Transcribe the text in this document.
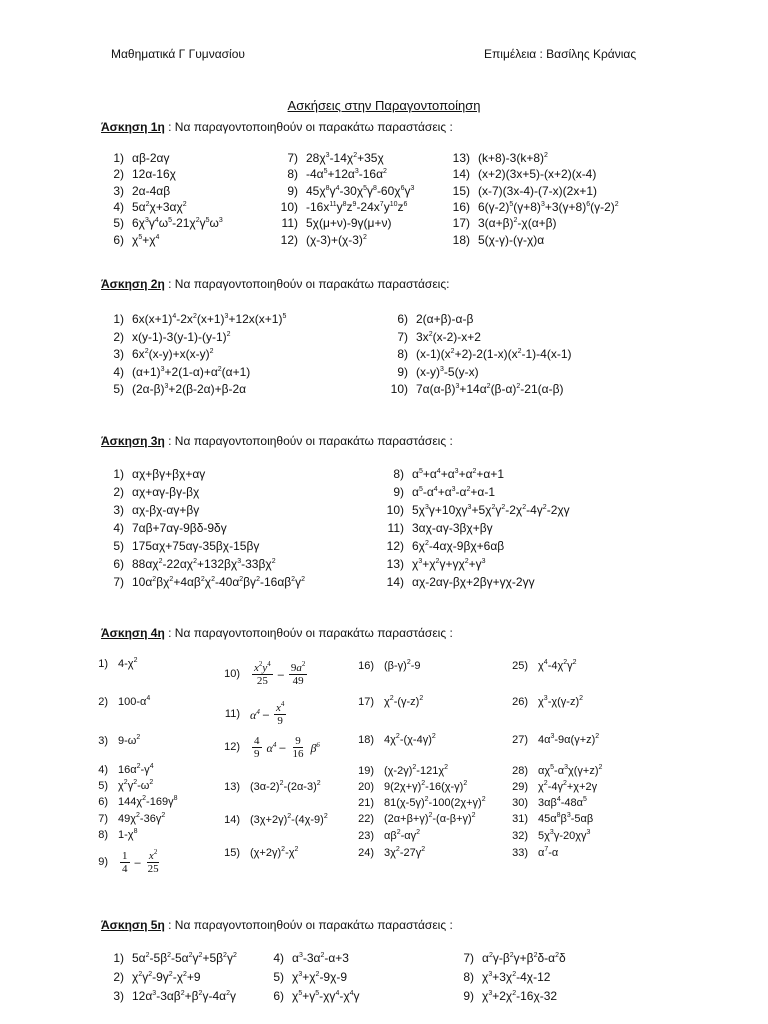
Μαθηματικά Γ Γυμνασίου	Επιμέλεια : Βασίλης Κράνιας
Ασκήσεις στην Παραγοντοποίηση
Άσκηση 1η : Να παραγοντοποιηθούν οι παρακάτω παραστάσεις :
Άσκηση 2η : Να παραγοντοποιηθούν οι παρακάτω παραστάσεις:
Άσκηση 3η : Να παραγοντοποιηθούν οι παρακάτω παραστάσεις :
Άσκηση 4η : Να παραγοντοποιηθούν οι παρακάτω παραστάσεις :
Άσκηση 5η : Να παραγοντοποιηθούν οι παρακάτω παραστάσεις :
1) αβ-2αγ
2) 12α-16χ
3) 2α-4αβ
4) $5\alpha^2\chi+3\alpha\chi^2$
5) $6\chi^3\gamma^4\omega^5-21\chi^2\gamma^5\omega^3$
6) $\chi^5+\chi^4$
7) $28\chi^3-14\chi^2+35\chi$
8) $-4\alpha^5+12\alpha^3-16\alpha^2$
9) $45\chi^8\gamma^4-30\chi^5\gamma^8-60\chi^6\gamma^3$
10) $-16x^{11}y^8z^9-24x^7y^{10}z^6$
11) 5χ(μ+ν)-9γ(μ+ν)
12) $(\chi-3)+(\chi-3)^2$
13) $(k+8)-3(k+8)^2$
14) (x+2)(3x+5)-(x+2)(x-4)
15) (x-7)(3x-4)-(7-x)(2x+1)
16) $6(\gamma-2)^5(\gamma+8)^3+3(\gamma+8)^6(\gamma-2)^2$
17) $3(\alpha+\beta)^2-\chi(\alpha+\beta)$
18) 5(χ-γ)-(γ-χ)α
1) $6x(x+1)^4-2x^2(x+1)^3+12x(x+1)^5$
2) $x(y-1)-3(y-1)-(y-1)^2$
3) $6x^2(x-y)+x(x-y)^2$
4) $(\alpha+1)^3+2(1-\alpha)+\alpha^2(\alpha+1)$
5) $(2\alpha-\beta)^3+2(\beta-2\alpha)+\beta-2\alpha$
6) 2(α+β)-α-β
7) $3x^2(x-2)-x+2$
8) $(x-1)(x^2+2)-2(1-x)(x^2-1)-4(x-1)$
9) $(x-y)^3-5(y-x)$
10) $7\alpha(\alpha-\beta)^3+14\alpha^2(\beta-\alpha)^2-21(\alpha-\beta)$
1) αχ+βγ+βχ+αγ
2) αχ+αγ-βγ-βχ
3) αχ-βχ-αγ+βγ
4) 7αβ+7αγ-9βδ-9δγ
5) 175αχ+75αγ-35βχ-15βγ
6) $88\alpha\chi^2-22\alpha\chi^2+132\beta\chi^3-33\beta\chi^2$
7) $10\alpha^2\beta\chi^2+4\alpha\beta^2\chi^2-40\alpha^2\beta\gamma^2-16\alpha\beta^2\gamma^2$
8) $\alpha^5+\alpha^4+\alpha^3+\alpha^2+\alpha+1$
9) $\alpha^5-\alpha^4+\alpha^3-\alpha^2+\alpha-1$
10) $5\chi^3\gamma+10\chi\gamma^3+5\chi^2\gamma^2-2\chi^2-4\gamma^2-2\chi\gamma$
11) 3αχ-αγ-3βχ+βγ
12) $6\chi^2-4\alpha\chi-9\beta\chi+6\alpha\beta$
13) $\chi^3+\chi^2\gamma+\gamma\chi^2+\gamma^3$
14) αχ-2αγ-βχ+2βγ+γχ-2γγ
1) $4-\chi^2$
2) $100-\alpha^4$
3) $9-\omega^2$
4) $16\alpha^2-\gamma^4$
5) $\chi^2\gamma^2-\omega^2$
6) $144\chi^2-169\gamma^8$
7) $49\chi^2-36\gamma^2$
8) $1-\chi^8$
$9) \frac{1}{4} - \frac{x^2}{25}$
$10) \frac{x^2y^4}{25} - \frac{9a^2}{49}$
11) $\alpha^4 - \frac{x^4}{9}$
$12) \frac{4}{9} \alpha^4 - \frac{9}{16} \beta^6$
13) $(3\alpha-2)^2-(2\alpha-3)^2$
14) $(3\chi+2\gamma)^2-(4\chi-9)^2$
15) $(\chi+2\gamma)^2-\chi^2$
16) $(\beta-\gamma)^2-9$
17) $\chi^2-(\gamma-z)^2$
18) $4\chi^2-(\chi-4\gamma)^2$
19) $(\chi-2\gamma)^2-121\chi^2$
20) $9(2\chi+\gamma)^2-16(\chi-\gamma)^2$
21) $81(\chi-5\gamma)^2-100(2\chi+\gamma)^2$
22) $(2\alpha+\beta+\gamma)^2-(\alpha-\beta+\gamma)^2$
23) $\alpha\beta^2-\alpha\gamma^2$
24) $3\chi^2-27\gamma^2$
25) $\chi^4-4\chi^2\gamma^2$
26) $\chi^3-\chi(\gamma-z)^2$
27) $4\alpha^3-9\alpha(\gamma+z)^2$
28) $\alpha\chi^5-\alpha^3\chi(\gamma+z)^2$
29) $\chi^2-4\gamma^2+\chi+2\gamma$
30) $3\alpha\beta^4-48\alpha^5$
31) $45\alpha^8\beta^3-5\alpha\beta$
32) $5\chi^3\gamma-20\chi\gamma^3$
33) $\alpha^7-\alpha$
1) $5\alpha^2-5\beta^2-5\alpha^2\gamma^2+5\beta^2\gamma^2$
2) $\chi^2\gamma^2-9\gamma^2-\chi^2+9$
3) $12\alpha^3-3\alpha\beta^2+\beta^2\gamma-4\alpha^2\gamma$
4) $\alpha^3-3\alpha^2-\alpha+3$
5) $\chi^3+\chi^2-9\chi-9$
6) $\chi^5+\gamma^5-\chi\gamma^4-\chi^4\gamma$
7) $\alpha^2\gamma-\beta^2\gamma+\beta^2\delta-\alpha^2\delta$
8) $\chi^3+3\chi^2-4\chi-12$
9) $\chi^3+2\chi^2-16\chi-32$
